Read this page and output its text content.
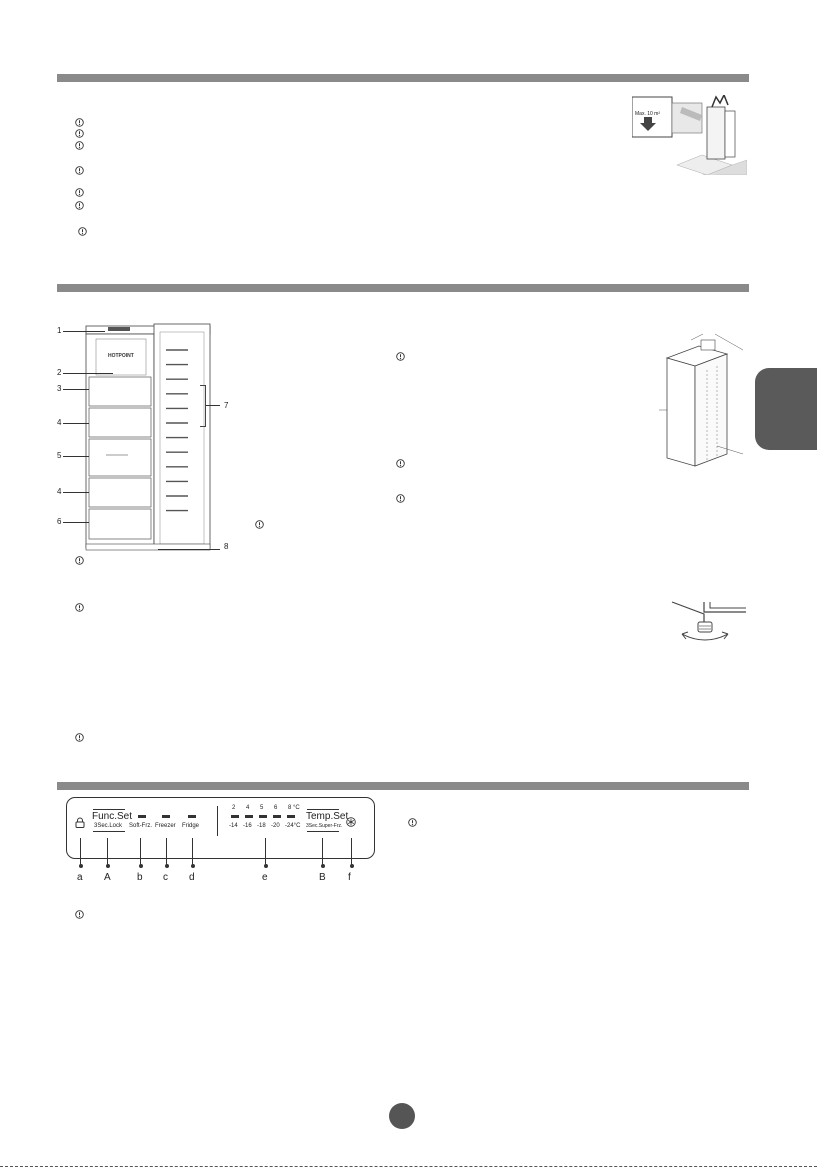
Max. 10 m²
HOTPOINT
1
2
3
4
5
4
6
7
8
Func.Set
3Sec.Lock Soft-Frz. Freezer Fridge
2
-14
4
-16
5
-18
6
-20
8 °C
-24°C
Temp.Set
3Sec.Super-Frz.
a A	b c d	e	B f
